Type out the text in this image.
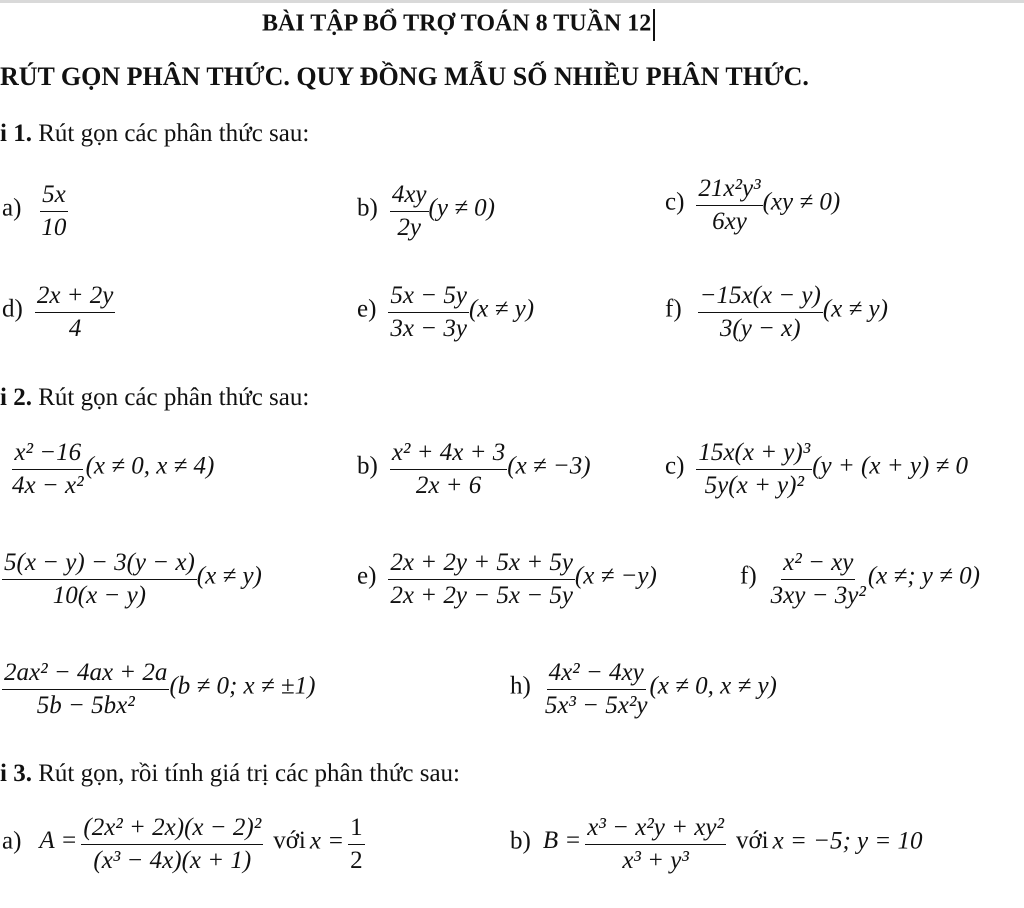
BÀI TẬP BỔ TRỢ TOÁN 8 TUẦN 12
RÚT GỌN PHÂN THỨC. QUY ĐỒNG MẪU SỐ NHIỀU PHÂN THỨC.
i 1. Rút gọn các phân thức sau:
$a) \frac{5x}{10}$	$b) \frac{4xy}{2y} (y \ne 0)$	$c) \frac{\text{21x²y³}}{6xy} (xy \ne 0)$
$d) \frac{2x + 2y}{4}$	$e) \frac{5x - 5y}{3x - 3y} (x \ne y)$	$f) \frac{-15x(x - y)}{3(y - x)} (x \ne y)$
i 2. Rút gọn các phân thức sau:
$\frac{\text{x² −16}}{\text{4x − x²}} (x \ne 0$, x ≠ 4)	$b) \frac{\text{x² + 4x + 3}}{2x + 6} (x \ne -3)$	$c) \frac{\text{15x(x + y)³}}{\text{5y(x + y)²}} (y + (x + y) \ne 0$
$\frac{5(x - y) - 3(y - x)}{10(x - y)} (x \ne y)$	$e) \frac{2x + 2y + 5x + 5y}{2x + 2y - 5x - 5y} (x \ne -y)$	$f) \frac{\text{x² − xy}}{\text{3xy − 3y²}} (x$ ≠; y ≠ 0)
$\frac{\text{2ax² − 4ax + 2a}}{\text{5b − 5bx²}} (b \ne 0$; x ≠ ±1)	$h) \frac{\text{4x² − 4xy}}{\text{5x³ − 5x²y}} (x \ne 0$, x ≠ y)
i 3. Rút gọn, rồi tính giá trị các phân thức sau:
a) $A = \frac{\text{(2x² + 2x)(x − 2)²}}{\text{(x³ − 4x)(x + 1)}}$ với $x = \frac{1}{2}$	b) $B = \frac{\text{x³ − x²y + xy²}}{\text{x³ + y³}}$ với x = −5; y = 10
